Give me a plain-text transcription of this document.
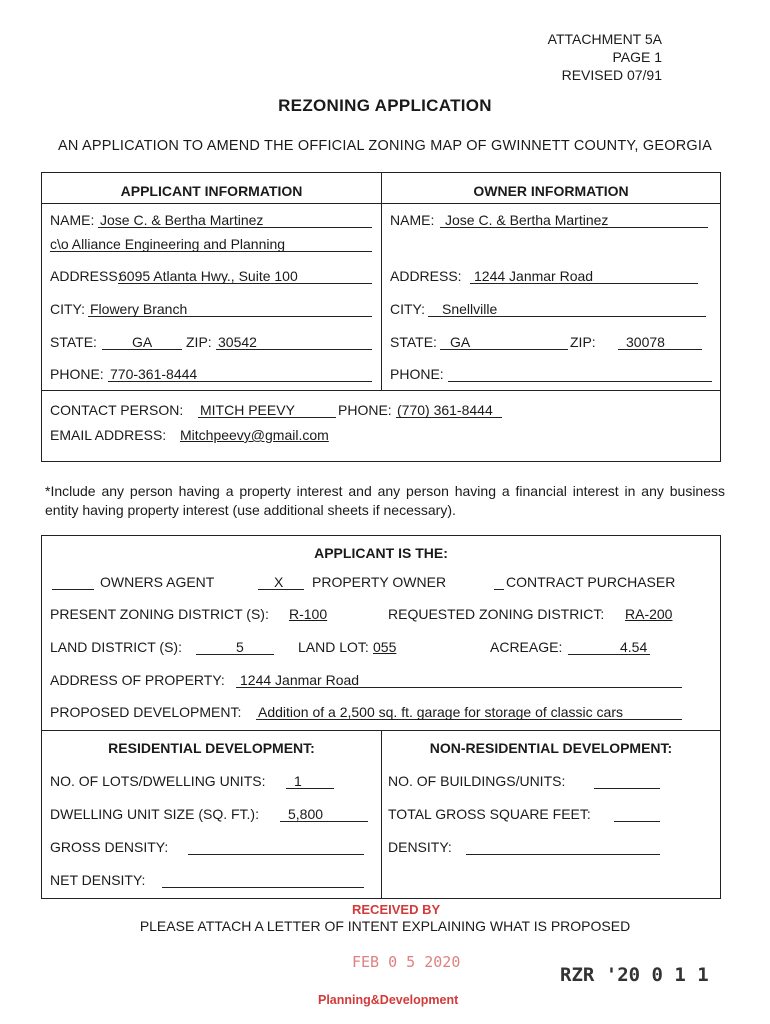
ATTACHMENT 5A
PAGE 1
REVISED 07/91
REZONING APPLICATION
AN APPLICATION TO AMEND THE OFFICIAL ZONING MAP OF GWINNETT COUNTY, GEORGIA
APPLICANT INFORMATION	OWNER INFORMATION
NAME: Jose C. & Bertha Martinez
c\o Alliance Engineering and Planning
ADDRESS:
6095 Atlanta Hwy., Suite 100
CITY: Flowery Branch
STATE:	GA ZIP: 30542
PHONE: 770-361-8444
NAME: Jose C. & Bertha Martinez
ADDRESS: 1244 Janmar Road
CITY: Snellville
STATE: GA	ZIP: 30078
PHONE:
CONTACT PERSON: MITCH PEEVY	PHONE: (770) 361-8444
EMAIL ADDRESS: Mitchpeevy@gmail.com
*Include any person having a property interest and any person having a financial interest in any business entity having property interest (use additional sheets if necessary).
APPLICANT IS THE:
OWNERS AGENT	X PROPERTY OWNER	CONTRACT PURCHASER
PRESENT ZONING DISTRICT (S): R-100	REQUESTED ZONING DISTRICT: RA-200
LAND DISTRICT (S):	5	LAND LOT: 055	ACREAGE:	4.54
ADDRESS OF PROPERTY: 1244 Janmar Road
PROPOSED DEVELOPMENT: Addition of a 2,500 sq. ft. garage for storage of classic cars
RESIDENTIAL DEVELOPMENT:
NO. OF LOTS/DWELLING UNITS: 1
DWELLING UNIT SIZE (SQ. FT.): 5,800
GROSS DENSITY:
NET DENSITY:
NON-RESIDENTIAL DEVELOPMENT:
NO. OF BUILDINGS/UNITS:
TOTAL GROSS SQUARE FEET:
DENSITY:
RECEIVED BY
PLEASE ATTACH A LETTER OF INTENT EXPLAINING WHAT IS PROPOSED
FEB 0 5 2020
RZR '20 0 1 1
Planning&Development
